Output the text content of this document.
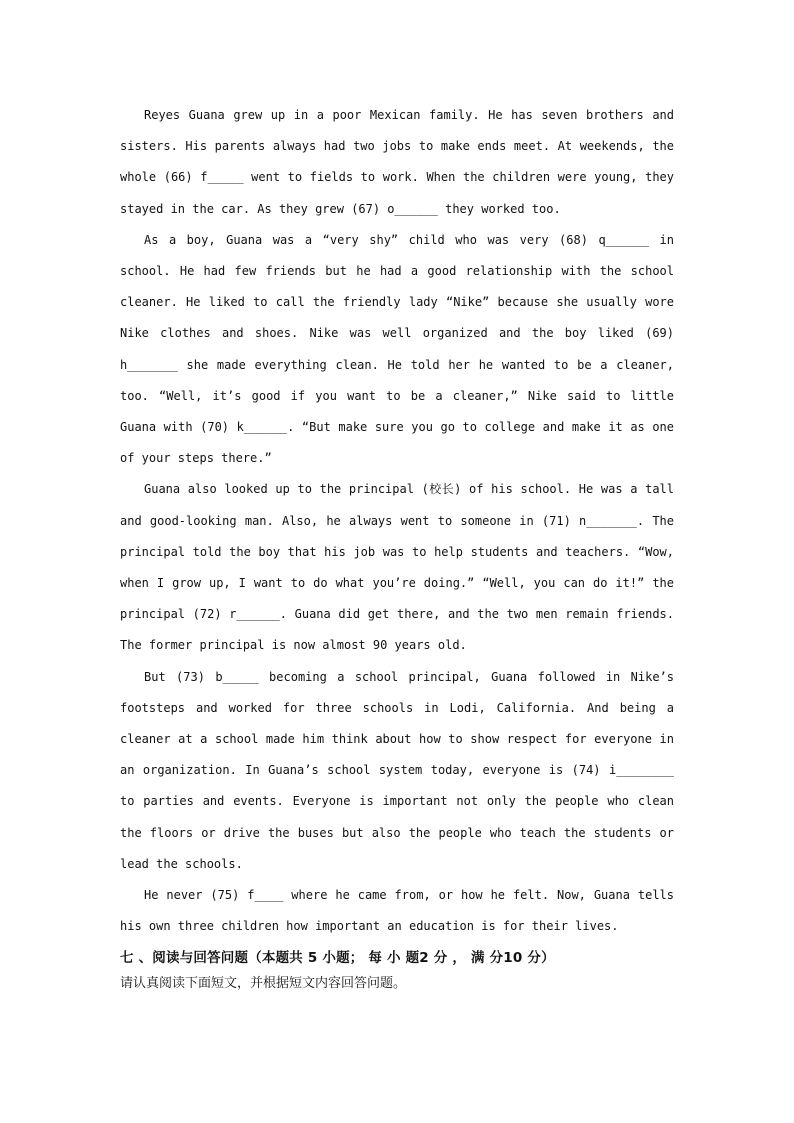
Reyes Guana grew up in a poor Mexican family. He has seven brothers and sisters. His parents always had two jobs to make ends meet. At weekends, the whole (66) f_____ went to fields to work. When the children were young, they stayed in the car. As they grew (67) o______ they worked too.

As a boy, Guana was a “very shy” child who was very (68) q______ in school. He had few friends but he had a good relationship with the school cleaner. He liked to call the friendly lady “Nike” because she usually wore Nike clothes and shoes. Nike was well organized and the boy liked (69) h_______ she made everything clean. He told her he wanted to be a cleaner, too. “Well, it’s good if you want to be a cleaner,” Nike said to little Guana with (70) k______. “But make sure you go to college and make it as one of your steps there.”

Guana also looked up to the principal (校长) of his school. He was a tall and good-looking man. Also, he always went to someone in (71) n_______. The principal told the boy that his job was to help students and teachers. “Wow, when I grow up, I want to do what you’re doing.” “Well, you can do it!” the principal (72) r______. Guana did get there, and the two men remain friends. The former principal is now almost 90 years old.

But (73) b_____ becoming a school principal, Guana followed in Nike’s footsteps and worked for three schools in Lodi, California. And being a cleaner at a school made him think about how to show respect for everyone in an organization. In Guana’s school system today, everyone is (74) i________ to parties and events. Everyone is important not only the people who clean the floors or drive the buses but also the people who teach the students or lead the schools.

He never (75) f____ where he came from, or how he felt. Now, Guana tells his own three children how important an education is for their lives.

七 、阅读与回答问题（本题共 5 小题； 每 小 题2 分 ， 满 分10 分）
请认真阅读下面短文，并根据短文内容回答问题。
